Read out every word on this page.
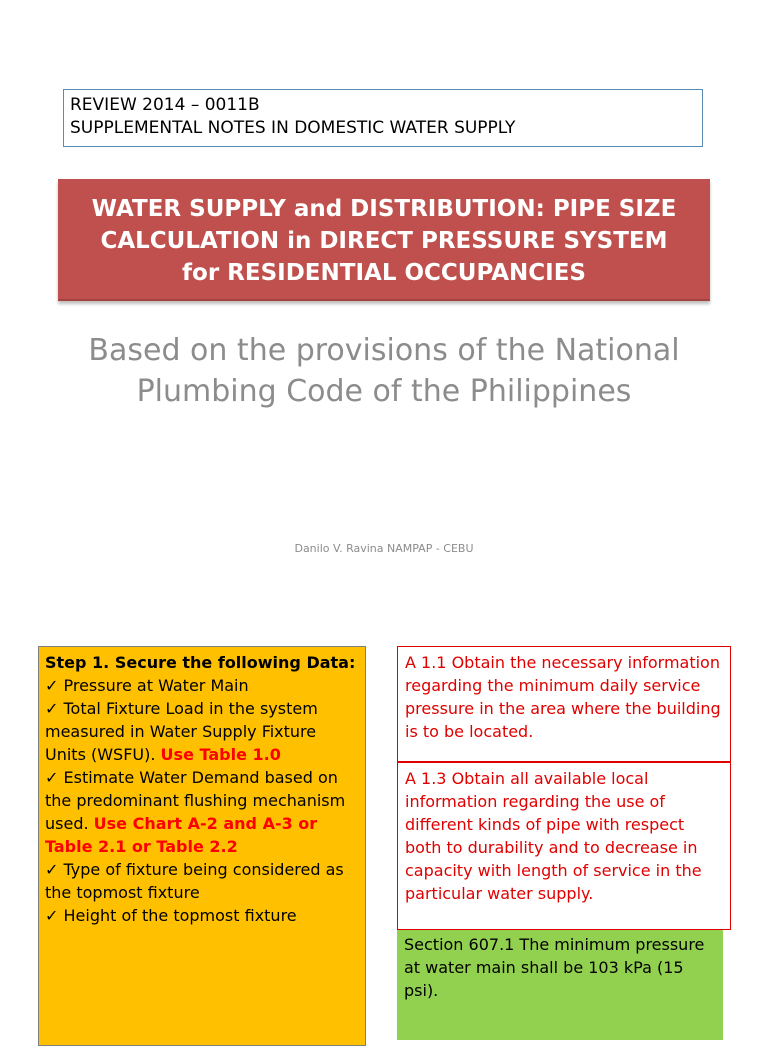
REVIEW 2014 – 0011B
SUPPLEMENTAL NOTES IN DOMESTIC WATER SUPPLY
WATER SUPPLY and DISTRIBUTION: PIPE SIZE CALCULATION in DIRECT PRESSURE SYSTEM for RESIDENTIAL OCCUPANCIES
Based on the provisions of the National Plumbing Code of the Philippines
Danilo V. Ravina NAMPAP - CEBU
Step 1. Secure the following Data:
✓ Pressure at Water Main
✓ Total Fixture Load in the system measured in Water Supply Fixture Units (WSFU). Use Table 1.0
✓ Estimate Water Demand based on the predominant flushing mechanism used. Use Chart A-2 and A-3 or Table 2.1 or Table 2.2
✓ Type of fixture being considered as the topmost fixture
✓ Height of the topmost fixture
A 1.1 Obtain the necessary information regarding the minimum daily service pressure in the area where the building is to be located.
A 1.3 Obtain all available local information regarding the use of different kinds of pipe with respect both to durability and to decrease in capacity with length of service in the particular water supply.
Section 607.1 The minimum pressure at water main shall be 103 kPa (15 psi).
